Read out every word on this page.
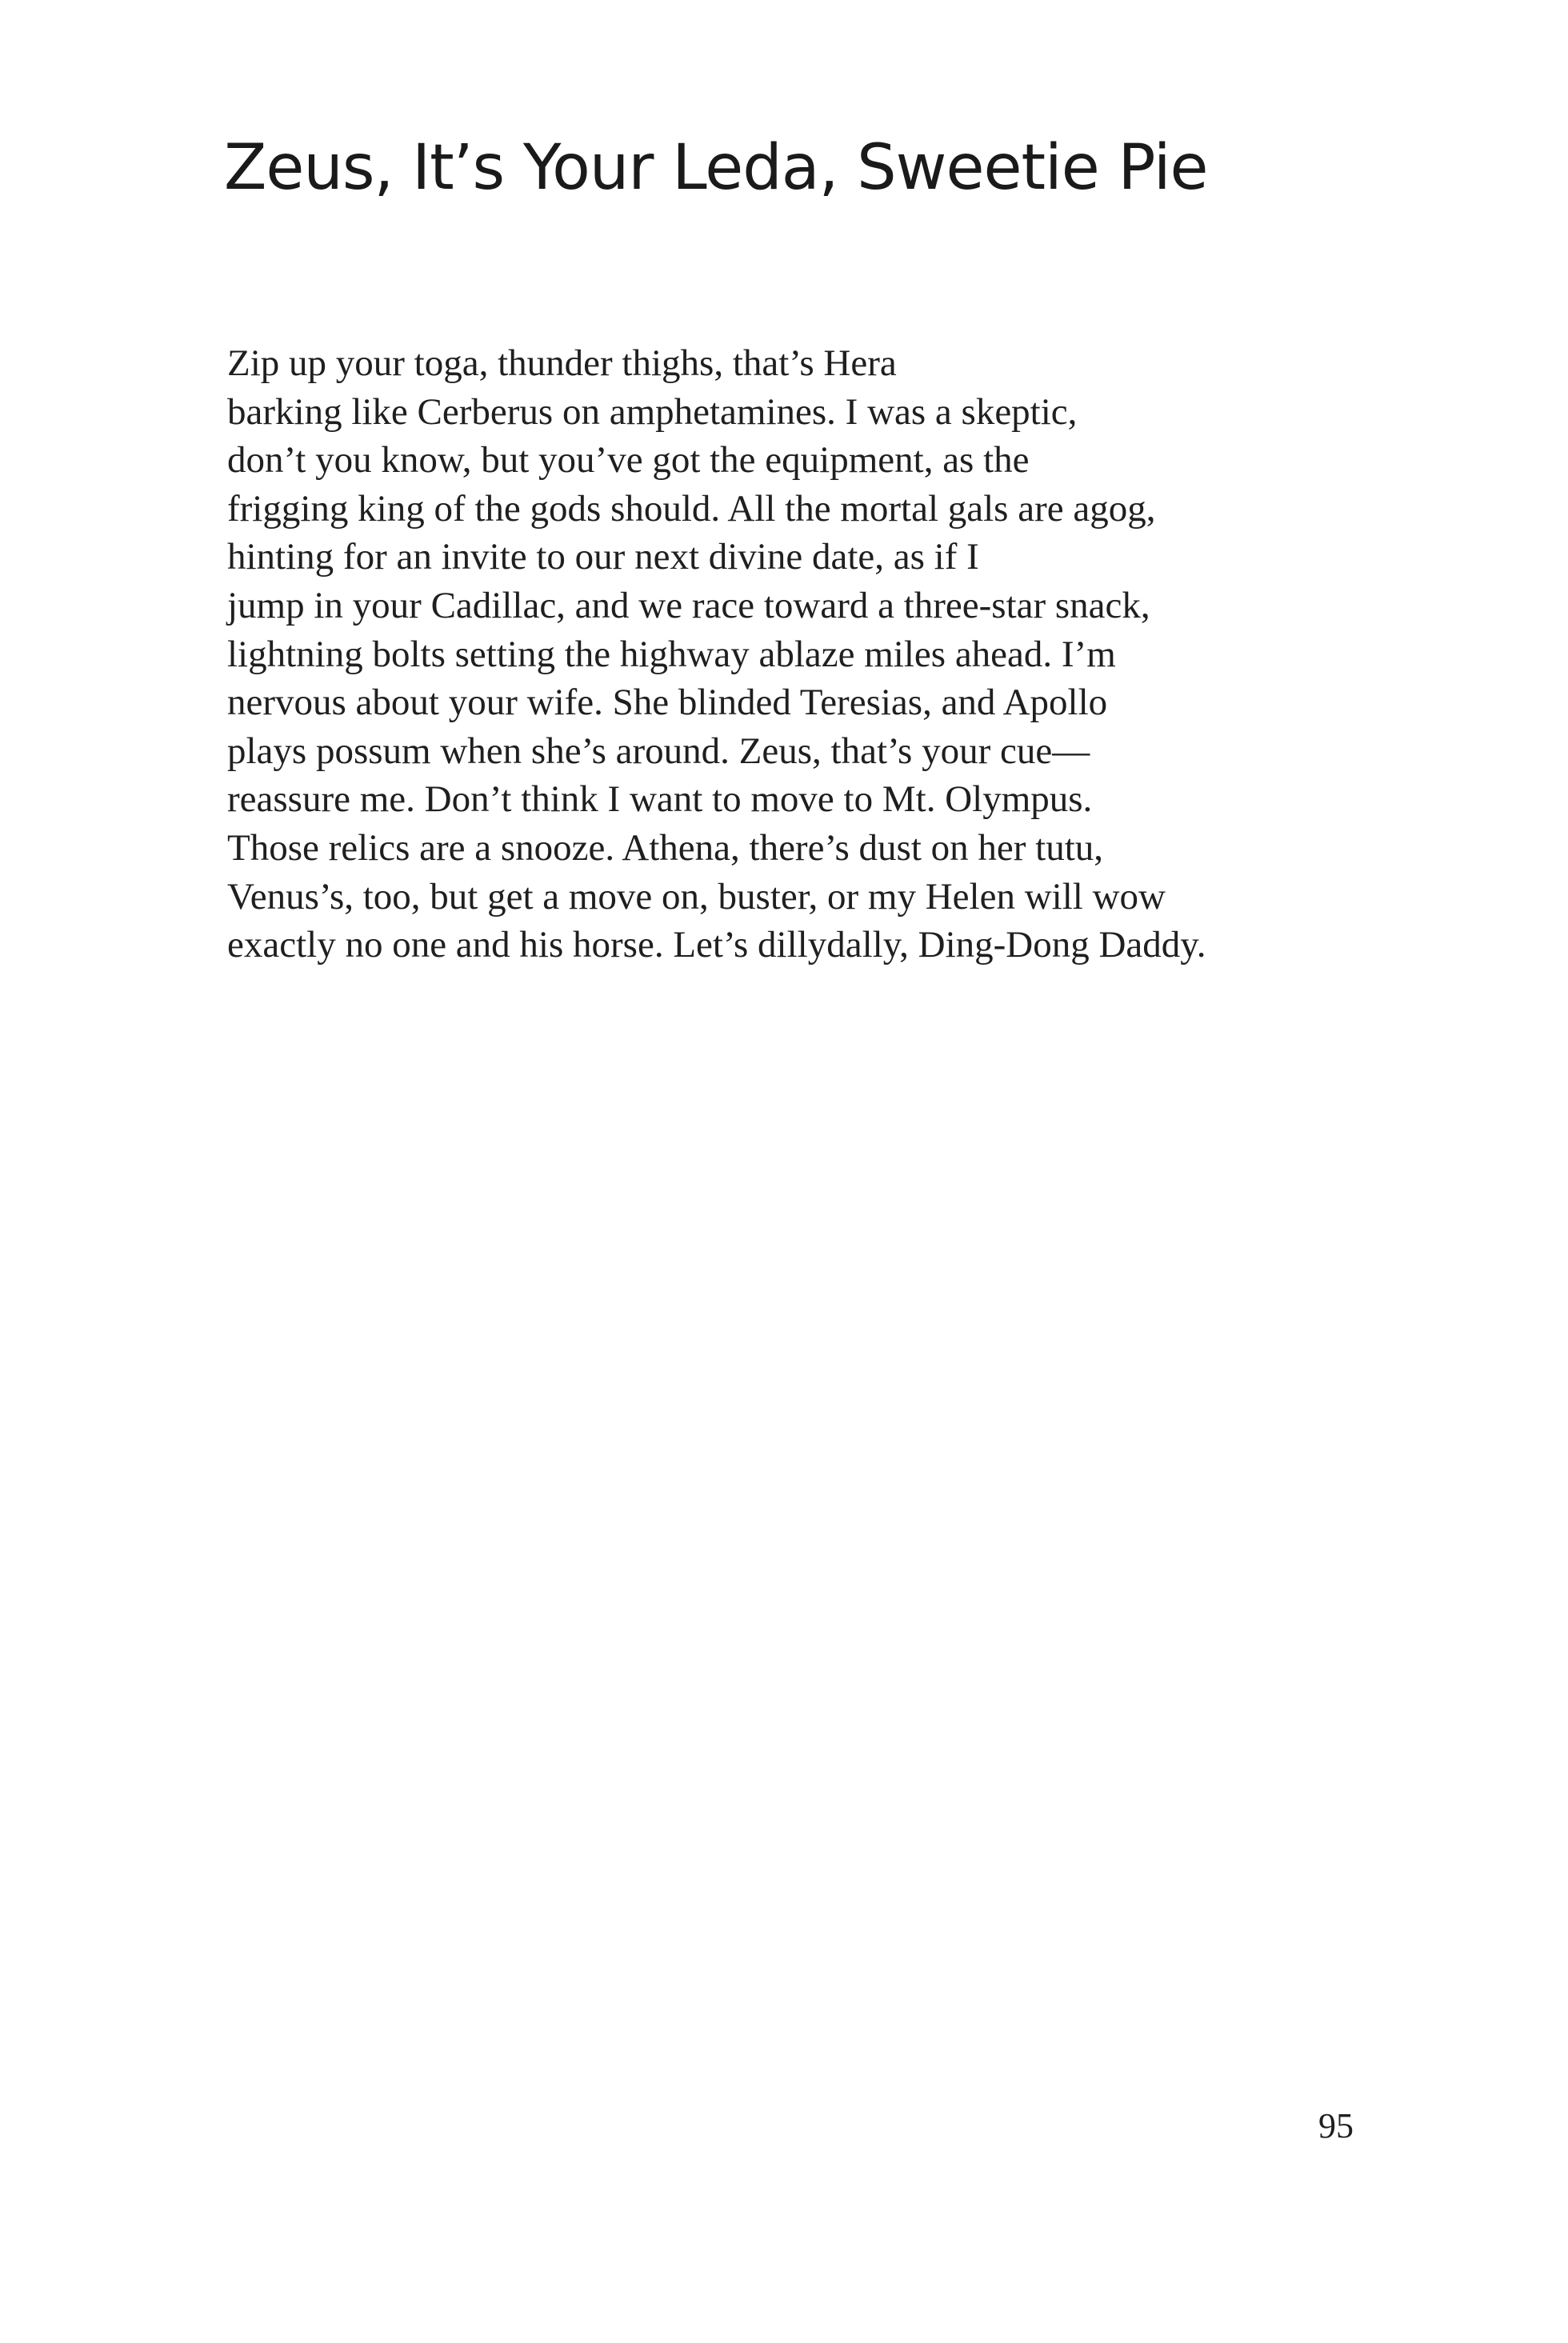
Zeus, It’s Your Leda, Sweetie Pie
Zip up your toga, thunder thighs, that’s Hera
barking like Cerberus on amphetamines. I was a skeptic,
don’t you know, but you’ve got the equipment, as the
frigging king of the gods should. All the mortal gals are agog,
hinting for an invite to our next divine date, as if I
jump in your Cadillac, and we race toward a three-star snack,
lightning bolts setting the highway ablaze miles ahead. I’m
nervous about your wife. She blinded Teresias, and Apollo
plays possum when she’s around. Zeus, that’s your cue—
reassure me. Don’t think I want to move to Mt. Olympus.
Those relics are a snooze. Athena, there’s dust on her tutu,
Venus’s, too, but get a move on, buster, or my Helen will wow
exactly no one and his horse. Let’s dillydally, Ding-Dong Daddy.
95
